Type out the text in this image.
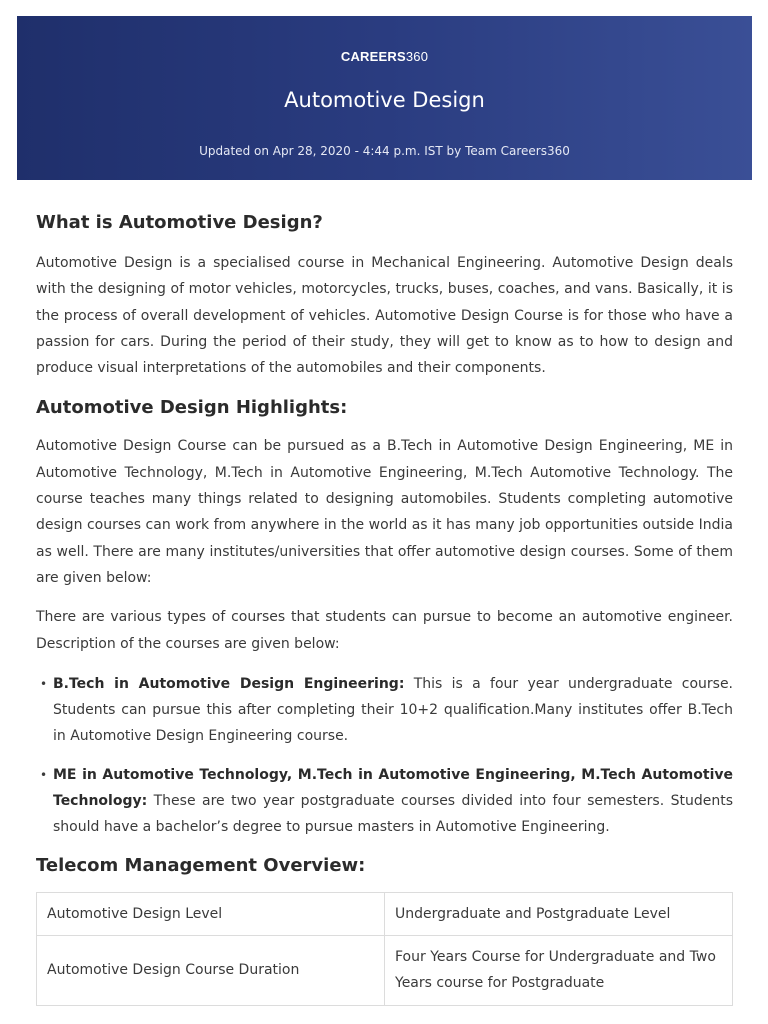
CAREERS360
Automotive Design
Updated on Apr 28, 2020 - 4:44 p.m. IST by Team Careers360
What is Automotive Design?

Automotive Design is a specialised course in Mechanical Engineering. Automotive Design deals with the designing of motor vehicles, motorcycles, trucks, buses, coaches, and vans. Basically, it is the process of overall development of vehicles. Automotive Design Course is for those who have a passion for cars. During the period of their study, they will get to know as to how to design and produce visual interpretations of the automobiles and their components.

Automotive Design Highlights:

Automotive Design Course can be pursued as a B.Tech in Automotive Design Engineering, ME in Automotive Technology, M.Tech in Automotive Engineering, M.Tech Automotive Technology. The course teaches many things related to designing automobiles. Students completing automotive design courses can work from anywhere in the world as it has many job opportunities outside India as well. There are many institutes/universities that offer automotive design courses. Some of them are given below:

There are various types of courses that students can pursue to become an automotive engineer. Description of the courses are given below:

• B.Tech in Automotive Design Engineering: This is a four year undergraduate course. Students can pursue this after completing their 10+2 qualification.Many institutes offer B.Tech in Automotive Design Engineering course.
• ME in Automotive Technology, M.Tech in Automotive Engineering, M.Tech Automotive Technology: These are two year postgraduate courses divided into four semesters. Students should have a bachelor’s degree to pursue masters in Automotive Engineering.
Telecom Management Overview:
Automotive Design Level	Undergraduate and Postgraduate Level
Automotive Design Course Duration	Four Years Course for Undergraduate and Two Years course for Postgraduate
